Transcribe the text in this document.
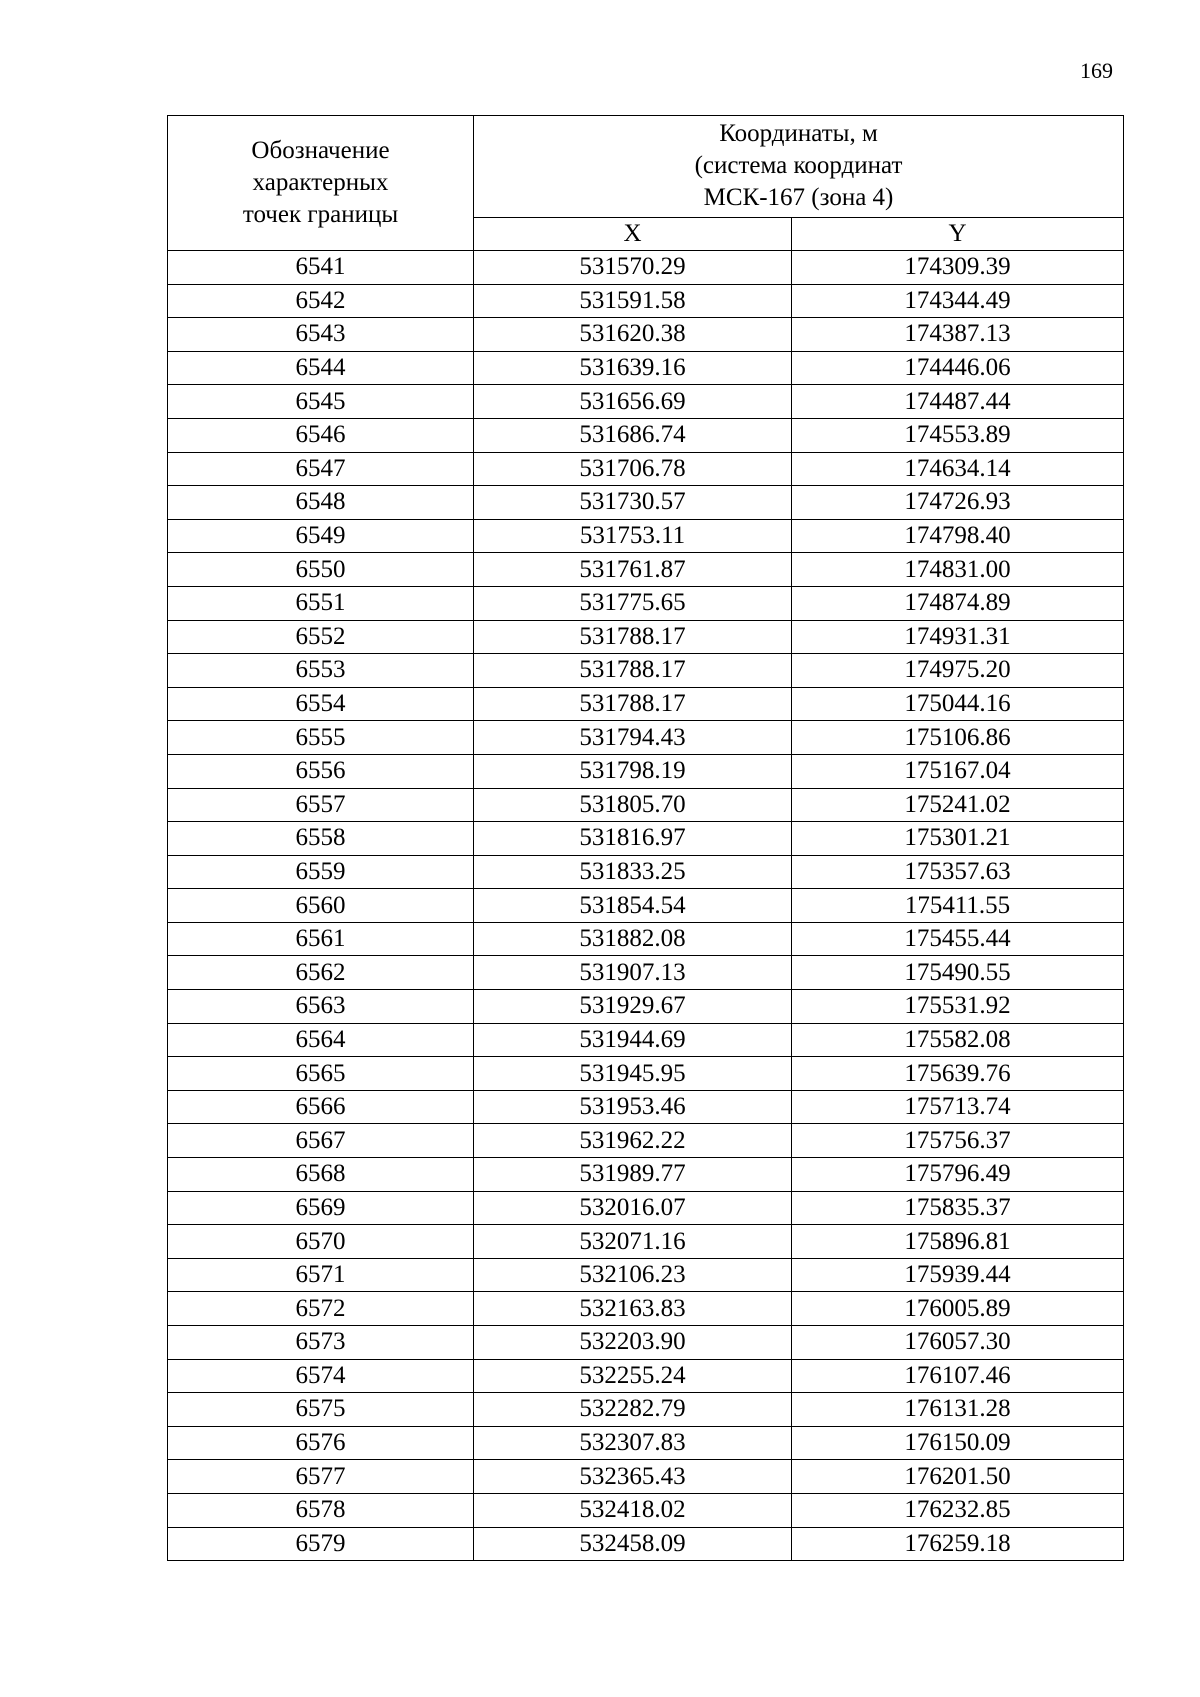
169
Обозначение
характерных
точек границы	Координаты, м
(система координат
МСК-167 (зона 4)	

	X	Y
6541	531570.29	174309.39
6542	531591.58	174344.49
6543	531620.38	174387.13
6544	531639.16	174446.06
6545	531656.69	174487.44
6546	531686.74	174553.89
6547	531706.78	174634.14
6548	531730.57	174726.93
6549	531753.11	174798.40
6550	531761.87	174831.00
6551	531775.65	174874.89
6552	531788.17	174931.31
6553	531788.17	174975.20
6554	531788.17	175044.16
6555	531794.43	175106.86
6556	531798.19	175167.04
6557	531805.70	175241.02
6558	531816.97	175301.21
6559	531833.25	175357.63
6560	531854.54	175411.55
6561	531882.08	175455.44
6562	531907.13	175490.55
6563	531929.67	175531.92
6564	531944.69	175582.08
6565	531945.95	175639.76
6566	531953.46	175713.74
6567	531962.22	175756.37
6568	531989.77	175796.49
6569	532016.07	175835.37
6570	532071.16	175896.81
6571	532106.23	175939.44
6572	532163.83	176005.89
6573	532203.90	176057.30
6574	532255.24	176107.46
6575	532282.79	176131.28
6576	532307.83	176150.09
6577	532365.43	176201.50
6578	532418.02	176232.85
6579	532458.09	176259.18
